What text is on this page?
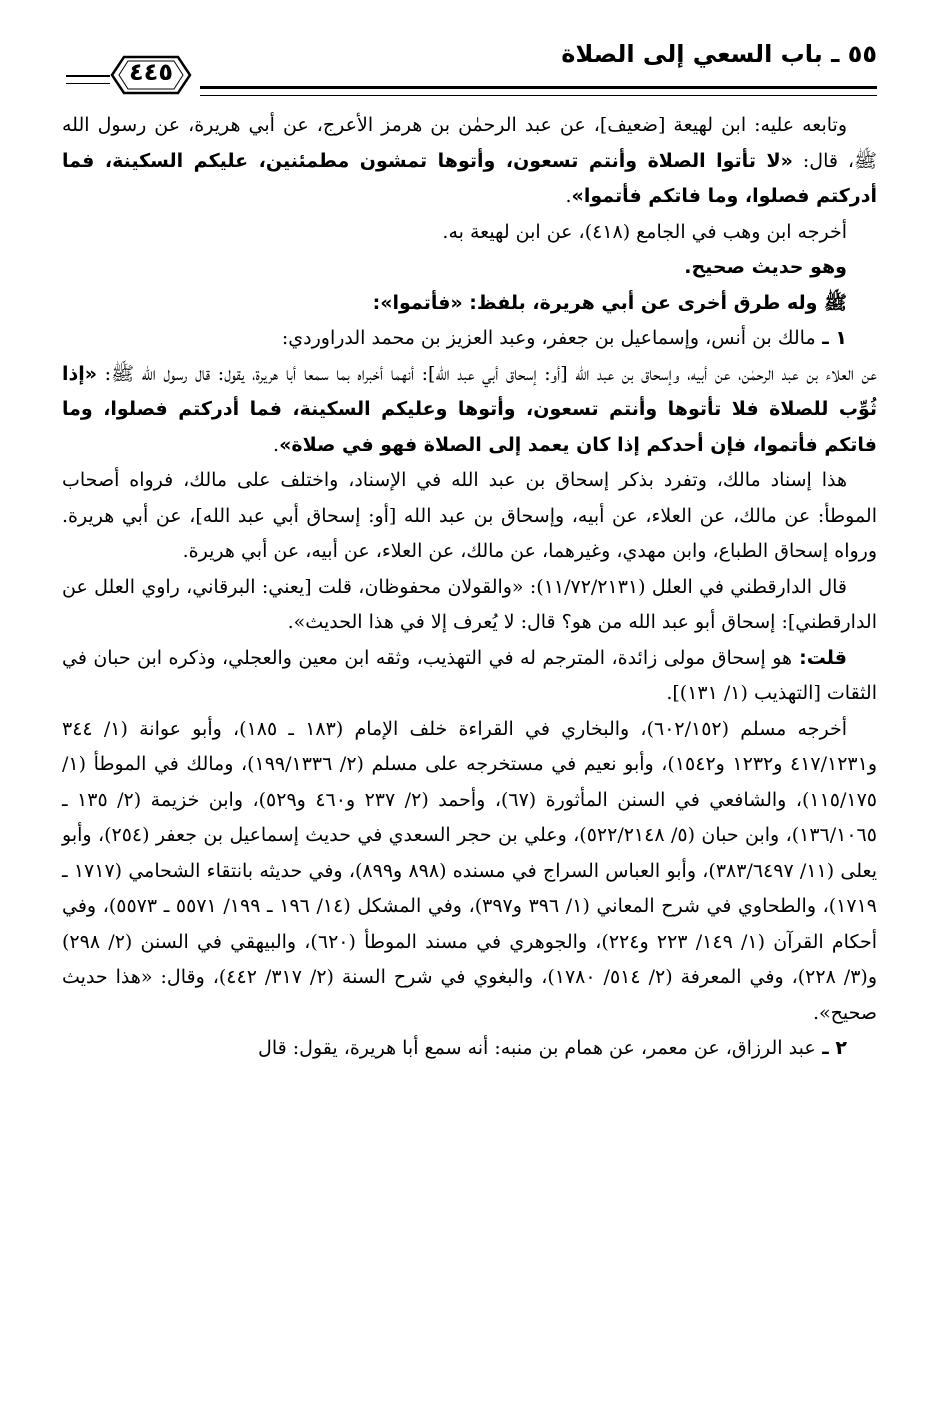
٥٥ ـ باب السعي إلى الصلاة
٤٤٥

وتابعه عليه: ابن لهيعة [ضعيف]، عن عبد الرحمٰن بن هرمز الأعرج، عن أبي هريرة، عن رسول الله ﷺ، قال: «لا تأتوا الصلاة وأنتم تسعون، وأتوها تمشون مطمئنين، عليكم السكينة، فما أدركتم فصلوا، وما فاتكم فأتموا».

أخرجه ابن وهب في الجامع (٤١٨)، عن ابن لهيعة به.

وهو حديث صحيح.

ﷺ وله طرق أخرى عن أبي هريرة، بلفظ: «فأتموا»:

١ ـ مالك بن أنس، وإسماعيل بن جعفر، وعبد العزيز بن محمد الدراوردي:

عن العلاء بن عبد الرحمٰن، عن أبيه، وإسحاق بن عبد الله [أو: إسحاق أبي عبد الله]: أنهما أخبراه بما سمعا أبا هريرة، يقول: قال رسول الله ﷺ: «إذا ثُوِّب للصلاة فلا تأتوها وأنتم تسعون، وأتوها وعليكم السكينة، فما أدركتم فصلوا، وما فاتكم فأتموا، فإن أحدكم إذا كان يعمد إلى الصلاة فهو في صلاة».

هذا إسناد مالك، وتفرد بذكر إسحاق بن عبد الله في الإسناد، واختلف على مالك، فرواه أصحاب الموطأ: عن مالك، عن العلاء، عن أبيه، وإسحاق بن عبد الله [أو: إسحاق أبي عبد الله]، عن أبي هريرة. ورواه إسحاق الطباع، وابن مهدي، وغيرهما، عن مالك، عن العلاء، عن أبيه، عن أبي هريرة.

قال الدارقطني في العلل (١١/٧٢/٢١٣١): «والقولان محفوظان، قلت [يعني: البرقاني، راوي العلل عن الدارقطني]: إسحاق أبو عبد الله من هو؟ قال: لا يُعرف إلا في هذا الحديث».

قلت: هو إسحاق مولى زائدة، المترجم له في التهذيب، وثقه ابن معين والعجلي، وذكره ابن حبان في الثقات [التهذيب (١/ ١٣١)].

أخرجه مسلم (٦٠٢/١٥٢)، والبخاري في القراءة خلف الإمام (١٨٣ ـ ١٨٥)، وأبو عوانة (١/ ٣٤٤ و٤١٧/١٢٣١ و١٢٣٢ و١٥٤٢)، وأبو نعيم في مستخرجه على مسلم (٢/ ١٩٩/١٣٣٦)، ومالك في الموطأ (١/ ١١٥/١٧٥)، والشافعي في السنن المأثورة (٦٧)، وأحمد (٢/ ٢٣٧ و٤٦٠ و٥٢٩)، وابن خزيمة (٢/ ١٣٥ ـ ١٣٦/١٠٦٥)، وابن حبان (٥/ ٥٢٢/٢١٤٨)، وعلي بن حجر السعدي في حديث إسماعيل بن جعفر (٢٥٤)، وأبو يعلى (١١/ ٣٨٣/٦٤٩٧)، وأبو العباس السراج في مسنده (٨٩٨ و٨٩٩)، وفي حديثه بانتقاء الشحامي (١٧١٧ ـ ١٧١٩)، والطحاوي في شرح المعاني (١/ ٣٩٦ و٣٩٧)، وفي المشكل (١٤/ ١٩٦ ـ ١٩٩/ ٥٥٧١ ـ ٥٥٧٣)، وفي أحكام القرآن (١/ ١٤٩/ ٢٢٣ و٢٢٤)، والجوهري في مسند الموطأ (٦٢٠)، والبيهقي في السنن (٢/ ٢٩٨) و(٣/ ٢٢٨)، وفي المعرفة (٢/ ٥١٤/ ١٧٨٠)، والبغوي في شرح السنة (٢/ ٣١٧/ ٤٤٢)، وقال: «هذا حديث صحيح».

٢ ـ عبد الرزاق، عن معمر، عن همام بن منبه: أنه سمع أبا هريرة، يقول: قال
